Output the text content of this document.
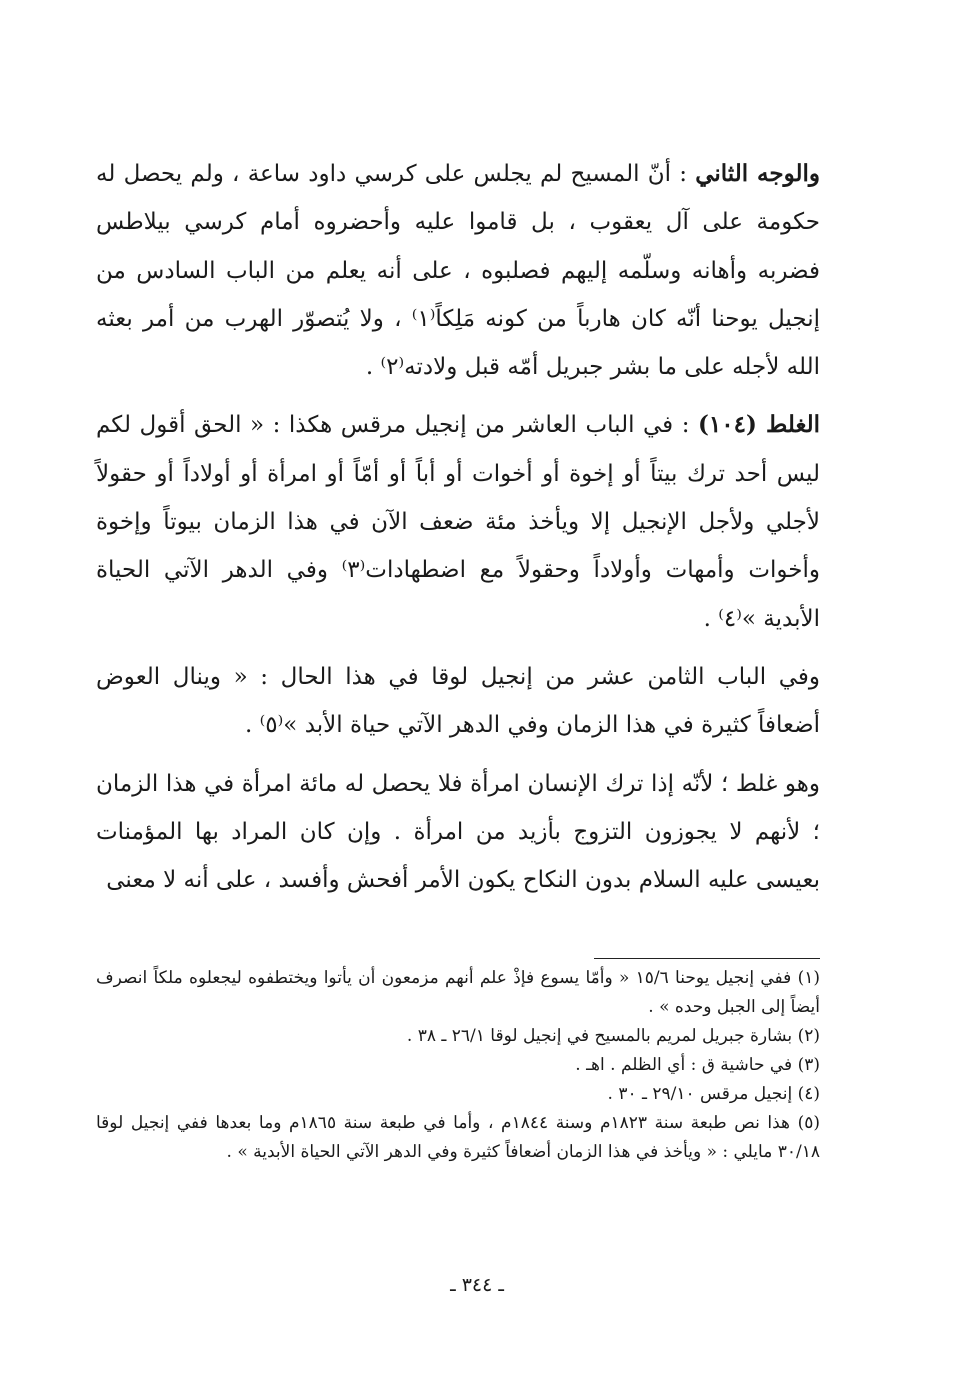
والوجه الثاني : أنّ المسيح لم يجلس على كرسي داود ساعة ، ولم يحصل له حكومة على آل يعقوب ، بل قاموا عليه وأحضروه أمام كرسي بيلاطس فضربه وأهانه وسلّمه إليهم فصلبوه ، على أنه يعلم من الباب السادس من إنجيل يوحنا أنّه كان هارباً من كونه مَلِكاً⁽١⁾ ، ولا يُتصوّر الهرب من أمر بعثه الله لأجله على ما بشر جبريل أمّه قبل ولادته⁽٢⁾ .

الغلط (١٠٤) : في الباب العاشر من إنجيل مرقس هكذا : « الحق أقول لكم ليس أحد ترك بيتاً أو إخوة أو أخوات أو أباً أو أمّاً أو امرأة أو أولاداً أو حقولاً لأجلي ولأجل الإنجيل إلا ويأخذ مئة ضعف الآن في هذا الزمان بيوتاً وإخوة وأخوات وأمهات وأولاداً وحقولاً مع اضطهادات⁽٣⁾ وفي الدهر الآتي الحياة الأبدية »⁽٤⁾ .

وفي الباب الثامن عشر من إنجيل لوقا في هذا الحال : « وينال العوض أضعافاً كثيرة في هذا الزمان وفي الدهر الآتي حياة الأبد »⁽٥⁾ .

وهو غلط ؛ لأنّه إذا ترك الإنسان امرأة فلا يحصل له مائة امرأة في هذا الزمان ؛ لأنهم لا يجوزون التزوج بأزيد من امرأة . وإن كان المراد بها المؤمنات بعيسى عليه السلام بدون النكاح يكون الأمر أفحش وأفسد ، على أنه لا معنى

(١) ففي إنجيل يوحنا ١٥/٦ « وأمّا يسوع فإذْ علم أنهم مزمعون أن يأتوا ويختطفوه ليجعلوه ملكاً انصرف أيضاً إلى الجبل وحده » .

(٢) بشارة جبريل لمريم بالمسيح في إنجيل لوقا ٢٦/١ ـ ٣٨ .

(٣) في حاشية ق : أي الظلم . اهـ .

(٤) إنجيل مرقس ٢٩/١٠ ـ ٣٠ .

(٥) هذا نص طبعة سنة ١٨٢٣م وسنة ١٨٤٤م ، وأما في طبعة سنة ١٨٦٥م وما بعدها ففي إنجيل لوقا ٣٠/١٨ مايلي : « ويأخذ في هذا الزمان أضعافاً كثيرة وفي الدهر الآتي الحياة الأبدية » .

ـ ٣٤٤ ـ
